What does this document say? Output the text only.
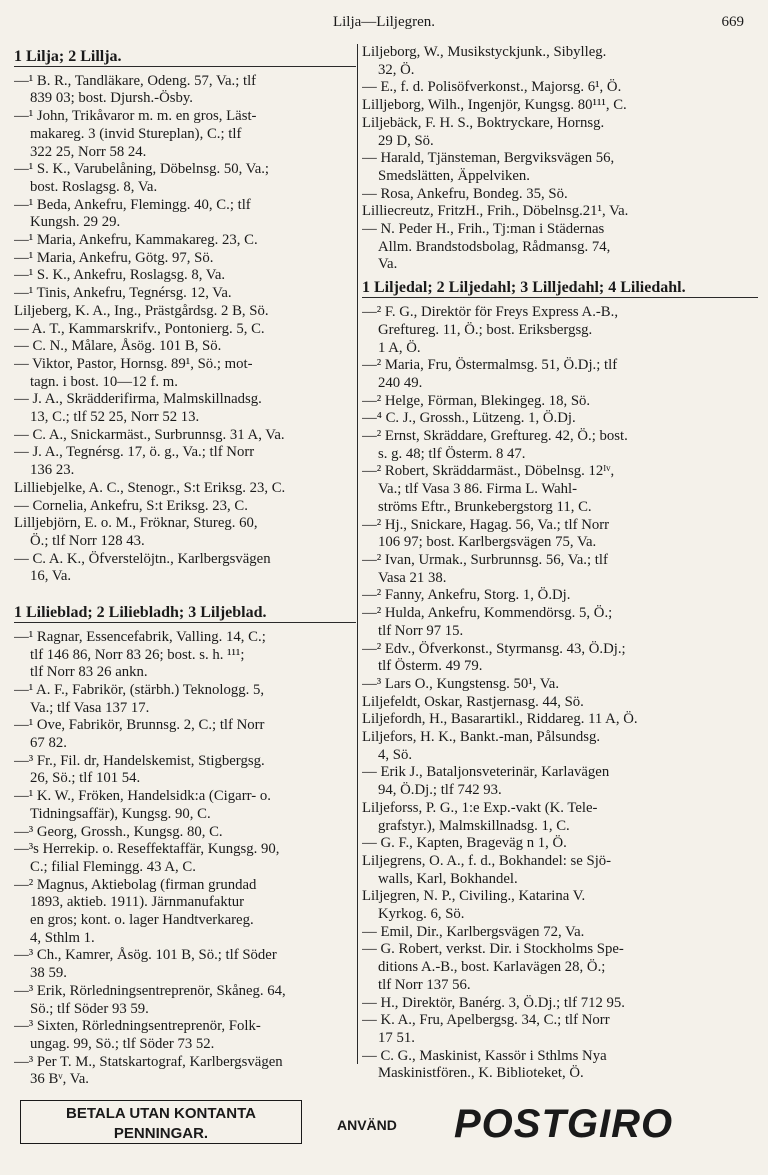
Lilja—Liljegren.	669
1 Lilja; 2 Lillja.
—¹ B. R., Tandläkare, Odeng. 57, Va.; tlf
839 03; bost. Djursh.-Ösby.
—¹ John, Trikåvaror m. m. en gros, Läst-
makareg. 3 (invid Stureplan), C.; tlf
322 25, Norr 58 24.
—¹ S. K., Varubelåning, Döbelnsg. 50, Va.;
bost. Roslagsg. 8, Va.
—¹ Beda, Ankefru, Flemingg. 40, C.; tlf
Kungsh. 29 29.
—¹ Maria, Ankefru, Kammakareg. 23, C.
—¹ Maria, Ankefru, Götg. 97, Sö.
—¹ S. K., Ankefru, Roslagsg. 8, Va.
—¹ Tinis, Ankefru, Tegnérsg. 12, Va.
Liljeberg, K. A., Ing., Prästgårdsg. 2 B, Sö.
— A. T., Kammarskrifv., Pontonierg. 5, C.
— C. N., Målare, Åsög. 101 B, Sö.
— Viktor, Pastor, Hornsg. 89¹, Sö.; mot-
tagn. i bost. 10—12 f. m.
— J. A., Skrädderifirma, Malmskillnadsg.
13, C.; tlf 52 25, Norr 52 13.
— C. A., Snickarmäst., Surbrunnsg. 31 A, Va.
— J. A., Tegnérsg. 17, ö. g., Va.; tlf Norr
136 23.
Lilliebjelke, A. C., Stenogr., S:t Eriksg. 23, C.
— Cornelia, Ankefru, S:t Eriksg. 23, C.
Lilljebjörn, E. o. M., Fröknar, Stureg. 60,
Ö.; tlf Norr 128 43.
— C. A. K., Öfverstelöjtn., Karlbergsvägen
16, Va.
1 Lilieblad; 2 Liliebladh; 3 Liljeblad.
—¹ Ragnar, Essencefabrik, Valling. 14, C.;
tlf 146 86, Norr 83 26; bost. s. h. ¹¹¹;
tlf Norr 83 26 ankn.
—¹ A. F., Fabrikör, (stärbh.) Teknologg. 5,
Va.; tlf Vasa 137 17.
—¹ Ove, Fabrikör, Brunnsg. 2, C.; tlf Norr
67 82.
—³ Fr., Fil. dr, Handelskemist, Stigbergsg.
26, Sö.; tlf 101 54.
—¹ K. W., Fröken, Handelsidk:a (Cigarr- o.
Tidningsaffär), Kungsg. 90, C.
—³ Georg, Grossh., Kungsg. 80, C.
—³s Herrekip. o. Reseffektaffär, Kungsg. 90,
C.; filial Flemingg. 43 A, C.
—² Magnus, Aktiebolag (firman grundad
1893, aktieb. 1911). Järnmanufaktur
en gros; kont. o. lager Handtverkareg.
4, Sthlm 1.
—³ Ch., Kamrer, Åsög. 101 B, Sö.; tlf Söder
38 59.
—³ Erik, Rörledningsentreprenör, Skåneg. 64,
Sö.; tlf Söder 93 59.
—³ Sixten, Rörledningsentreprenör, Folk-
ungag. 99, Sö.; tlf Söder 73 52.
—³ Per T. M., Statskartograf, Karlbergsvägen
36 Bᵛ, Va.
Liljeborg, W., Musikstyckjunk., Sibylleg.
32, Ö.
— E., f. d. Polisöfverkonst., Majorsg. 6¹, Ö.
Lilljeborg, Wilh., Ingenjör, Kungsg. 80¹¹¹, C.
Liljebäck, F. H. S., Boktryckare, Hornsg.
29 D, Sö.
— Harald, Tjänsteman, Bergviksvägen 56,
Smedslätten, Äppelviken.
— Rosa, Ankefru, Bondeg. 35, Sö.
Lilliecreutz, FritzH., Frih., Döbelnsg.21¹, Va.
— N. Peder H., Frih., Tj:man i Städernas
Allm. Brandstodsbolag, Rådmansg. 74,
Va.
1 Liljedal; 2 Liljedahl; 3 Lilljedahl; 4 Liliedahl.
—² F. G., Direktör för Freys Express A.-B.,
Greftureg. 11, Ö.; bost. Eriksbergsg.
1 A, Ö.
—² Maria, Fru, Östermalmsg. 51, Ö.Dj.; tlf
240 49.
—² Helge, Förman, Blekingeg. 18, Sö.
—⁴ C. J., Grossh., Lützeng. 1, Ö.Dj.
—² Ernst, Skräddare, Greftureg. 42, Ö.; bost.
s. g. 48; tlf Österm. 8 47.
—² Robert, Skräddarmäst., Döbelnsg. 12ᴵᵛ,
Va.; tlf Vasa 3 86. Firma L. Wahl-
ströms Eftr., Brunkebergstorg 11, C.
—² Hj., Snickare, Hagag. 56, Va.; tlf Norr
106 97; bost. Karlbergsvägen 75, Va.
—² Ivan, Urmak., Surbrunnsg. 56, Va.; tlf
Vasa 21 38.
—² Fanny, Ankefru, Storg. 1, Ö.Dj.
—² Hulda, Ankefru, Kommendörsg. 5, Ö.;
tlf Norr 97 15.
—² Edv., Öfverkonst., Styrmansg. 43, Ö.Dj.;
tlf Österm. 49 79.
—³ Lars O., Kungstensg. 50¹, Va.
Liljefeldt, Oskar, Rastjernasg. 44, Sö.
Liljefordh, H., Basarartikl., Riddareg. 11 A, Ö.
Liljefors, H. K., Bankt.-man, Pålsundsg.
4, Sö.
— Erik J., Bataljonsveterinär, Karlavägen
94, Ö.Dj.; tlf 742 93.
Liljeforss, P. G., 1:e Exp.-vakt (K. Tele-
grafstyr.), Malmskillnadsg. 1, C.
— G. F., Kapten, Brageväg n 1, Ö.
Liljegrens, O. A., f. d., Bokhandel: se Sjö-
walls, Karl, Bokhandel.
Liljegren, N. P., Civiling., Katarina V.
Kyrkog. 6, Sö.
— Emil, Dir., Karlbergsvägen 72, Va.
— G. Robert, verkst. Dir. i Stockholms Spe-
ditions A.-B., bost. Karlavägen 28, Ö.;
tlf Norr 137 56.
— H., Direktör, Banérg. 3, Ö.Dj.; tlf 712 95.
— K. A., Fru, Apelbergsg. 34, C.; tlf Norr
17 51.
— C. G., Maskinist, Kassör i Sthlms Nya
Maskinistfören., K. Biblioteket, Ö.
BETALA UTAN KONTANTA
PENNINGAR.	ANVÄND POSTGIRO
